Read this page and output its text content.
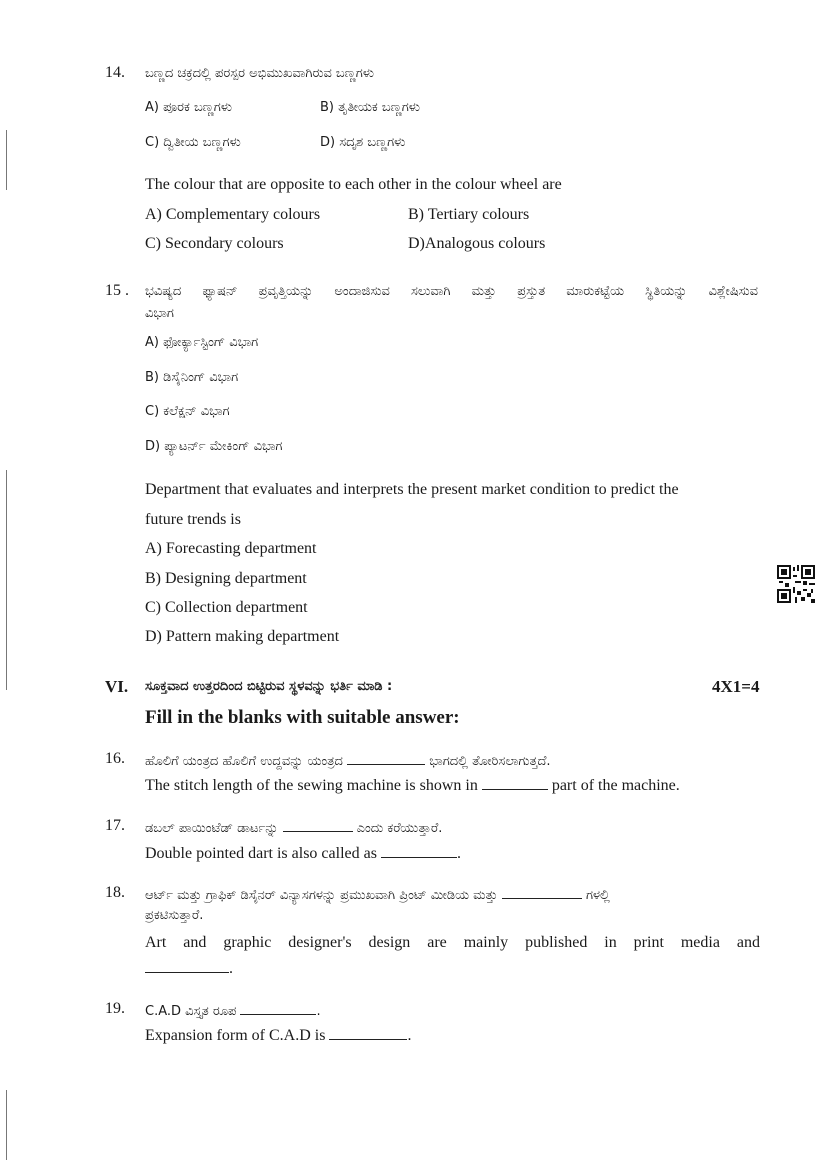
14. ಬಣ್ಣದ ಚಕ್ರದಲ್ಲಿ ಪರಸ್ಪರ ಅಭಿಮುಖವಾಗಿರುವ ಬಣ್ಣಗಳು
A) ಪೂರಕ ಬಣ್ಣಗಳು	B) ತೃತೀಯಕ ಬಣ್ಣಗಳು
C) ದ್ವಿತೀಯ ಬಣ್ಣಗಳು	D) ಸದೃಶ ಬಣ್ಣಗಳು
The colour that are opposite to each other in the colour wheel are
A) Complementary colours	B) Tertiary colours
C) Secondary colours	D)Analogous colours
15 . ಭವಿಷ್ಯದ ಫ್ಯಾಷನ್ ಪ್ರವೃತ್ತಿಯನ್ನು ಅಂದಾಜಿಸುವ ಸಲುವಾಗಿ ಮತ್ತು ಪ್ರಸ್ತುತ ಮಾರುಕಟ್ಟೆಯ ಸ್ಥಿತಿಯನ್ನು ವಿಶ್ಲೇಷಿಸುವ
ವಿಭಾಗ
A) ಫೋರ್ಕ್ಯಾಸ್ಟಿಂಗ್ ವಿಭಾಗ
B) ಡಿಸೈನಿಂಗ್ ವಿಭಾಗ
C) ಕಲೆಕ್ಷನ್ ವಿಭಾಗ
D) ಪ್ಯಾಟರ್ನ್ ಮೇಕಿಂಗ್ ವಿಭಾಗ
Department that evaluates and interprets the present market condition to predict the
future trends is
A) Forecasting department
B) Designing department
C) Collection department
D) Pattern making department
VI. ಸೂಕ್ತವಾದ ಉತ್ತರದಿಂದ ಬಿಟ್ಟಿರುವ ಸ್ಥಳವನ್ನು ಭರ್ತಿ ಮಾಡಿ :	4X1=4
Fill in the blanks with suitable answer:
16. ಹೊಲಿಗೆ ಯಂತ್ರದ ಹೊಲಿಗೆ ಉದ್ದವನ್ನು ಯಂತ್ರದ	ಭಾಗದಲ್ಲಿ ತೋರಿಸಲಾಗುತ್ತದೆ.
The stitch length of the sewing machine is shown in	part of the machine.
17. ಡಬಲ್ ಪಾಯಿಂಟೆಡ್ ಡಾರ್ಟನ್ನು	ಎಂದು ಕರೆಯುತ್ತಾರೆ.
Double pointed dart is also called as	.
18. ಆರ್ಟ್ ಮತ್ತು ಗ್ರಾಫಿಕ್ ಡಿಸೈನರ್ ವಿನ್ಯಾಸಗಳನ್ನು ಪ್ರಮುಖವಾಗಿ ಪ್ರಿಂಟ್ ಮೀಡಿಯ ಮತ್ತು	ಗಳಲ್ಲಿ
ಪ್ರಕಟಿಸುತ್ತಾರೆ.
Art and graphic designer's design are mainly published in print media and
.
19. C.A.D ವಿಸ್ತೃತ ರೂಪ	.
Expansion form of C.A.D is	.
